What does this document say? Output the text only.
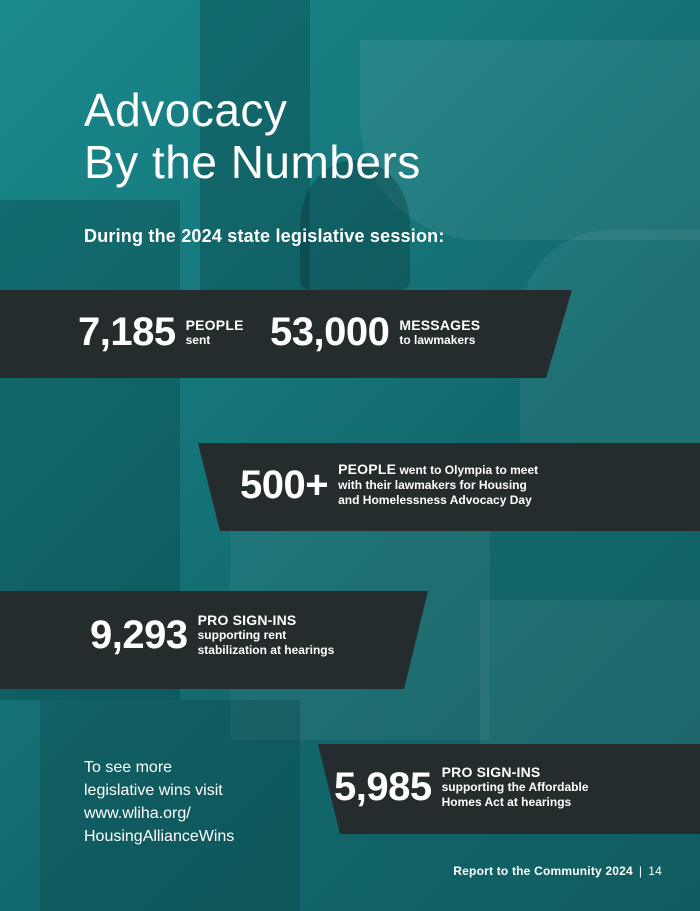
Advocacy
By the Numbers

During the 2024 state legislative session:

7,185 PEOPLE
sent	53,000 MESSAGES
to lawmakers
500+ PEOPLE went to Olympia to meet
with their lawmakers for Housing
and Homelessness Advocacy Day
9,293 PRO SIGN-INS
supporting rent
stabilization at hearings
5,985 PRO SIGN-INS
supporting the Affordable
Homes Act at hearings
To see more
legislative wins visit
www.wliha.org/
HousingAllianceWins
Report to the Community 2024 | 14
